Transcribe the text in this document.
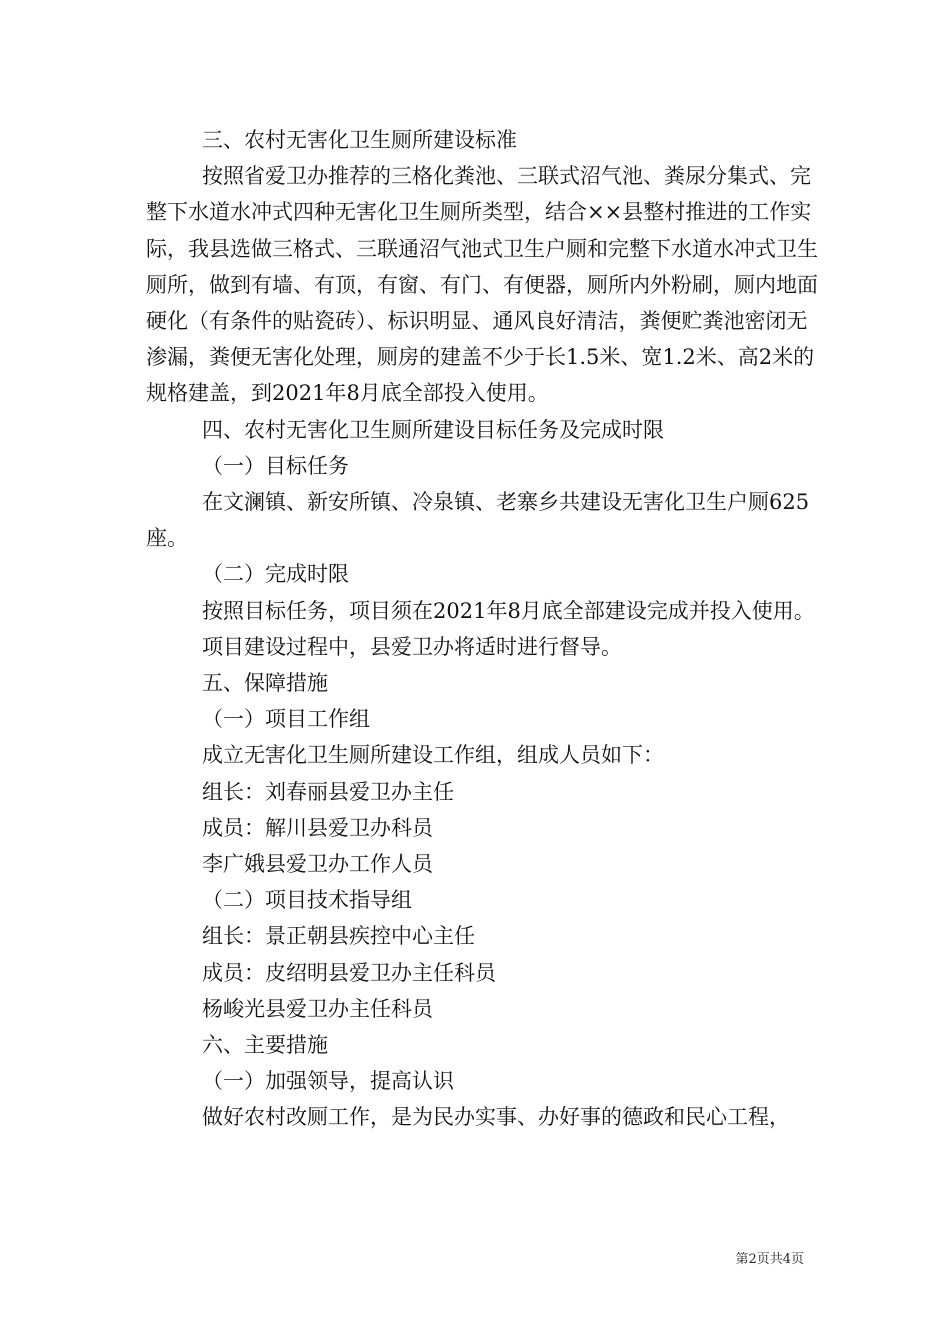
三、农村无害化卫生厕所建设标准

按照省爱卫办推荐的三格化粪池、三联式沼气池、粪尿分集式、完整下水道水冲式四种无害化卫生厕所类型，结合××县整村推进的工作实际，我县选做三格式、三联通沼气池式卫生户厕和完整下水道水冲式卫生厕所，做到有墙、有顶，有窗、有门、有便器，厕所内外粉刷，厕内地面硬化（有条件的贴瓷砖）、标识明显、通风良好清洁，粪便贮粪池密闭无渗漏，粪便无害化处理，厕房的建盖不少于长1.5米、宽1.2米、高2米的规格建盖，到2021年8月底全部投入使用。

四、农村无害化卫生厕所建设目标任务及完成时限

（一）目标任务

在文澜镇、新安所镇、冷泉镇、老寨乡共建设无害化卫生户厕625座。

（二）完成时限

按照目标任务，项目须在2021年8月底全部建设完成并投入使用。

项目建设过程中，县爱卫办将适时进行督导。

五、保障措施

（一）项目工作组

成立无害化卫生厕所建设工作组，组成人员如下：

组长：刘春丽县爱卫办主任

成员：解川县爱卫办科员

李广娥县爱卫办工作人员

（二）项目技术指导组

组长：景正朝县疾控中心主任

成员：皮绍明县爱卫办主任科员

杨峻光县爱卫办主任科员

六、主要措施

（一）加强领导，提高认识

做好农村改厕工作，是为民办实事、办好事的德政和民心工程，

第2页共4页
